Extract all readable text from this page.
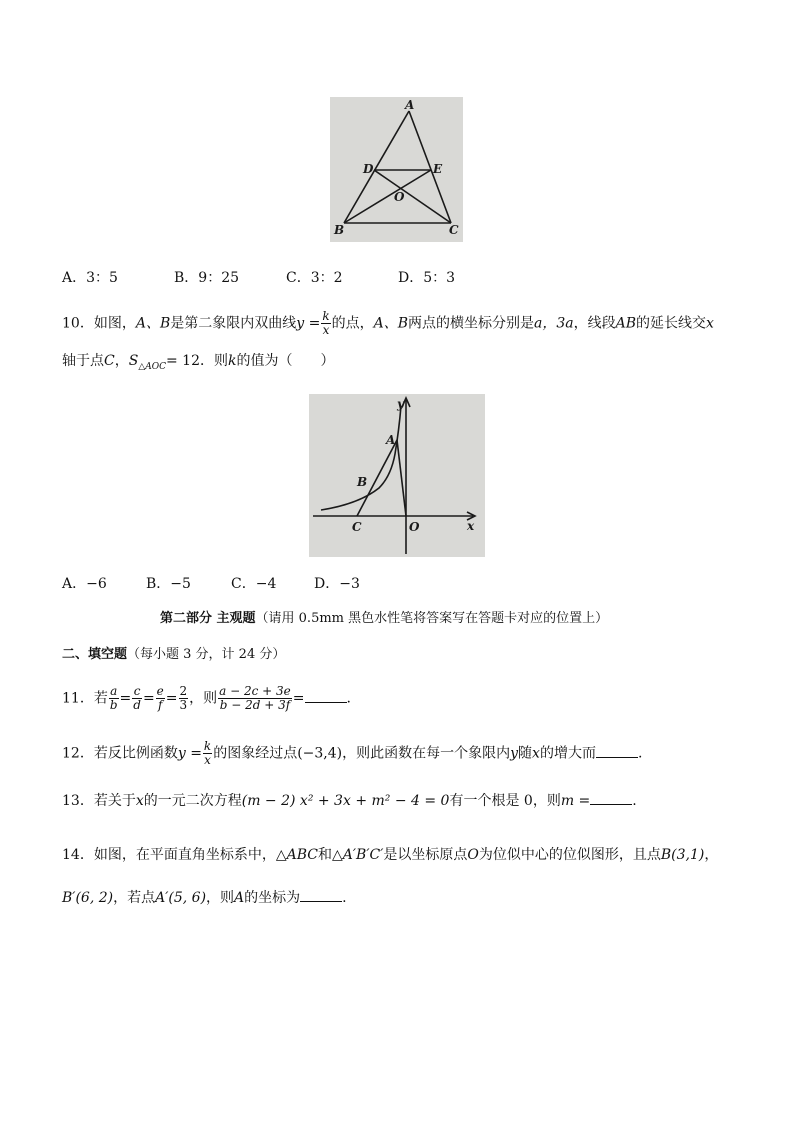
A
D	E
O
B	C
A．3：5	B．9：25	C．3：2	D．5：3
10．如图，A、B是第二象限内双曲线$y = \frac{k}{x}$ 的点，A、B两点的横坐标分别是a，3a，线段AB的延长线交x
轴于点C，$S_{\triangle AOC}= 12$．则k的值为（　　）
y
A
B
C	O	x
A．−6	B．−5	C．−4	D．−3
第二部分 主观题（请用 0.5mm 黑色水性笔将答案写在答题卡对应的位置上）
二、填空题（每小题 3 分，计 24 分）
11．若 $\frac{a}{b} = \frac{c}{d} = \frac{e}{f} = \frac{2}{3}$ ，则 $\frac{a - 2c + 3e}{b - 2d + 3f}$ =	.
12．若反比例函数$y = \frac{k}{x}$ 的图象经过点(−3,4)，则此函数在每一个象限内y随x的增大而	.
13．若关于x的一元二次方程(m − 2) x² + 3x + m² − 4 = 0有一个根是 0，则m =	.
14．如图，在平面直角坐标系中，△ABC和△A′B′C′是以坐标原点O为位似中心的位似图形，且点B(3,1)，
B′(6, 2)，若点A′(5, 6)，则A的坐标为	.
